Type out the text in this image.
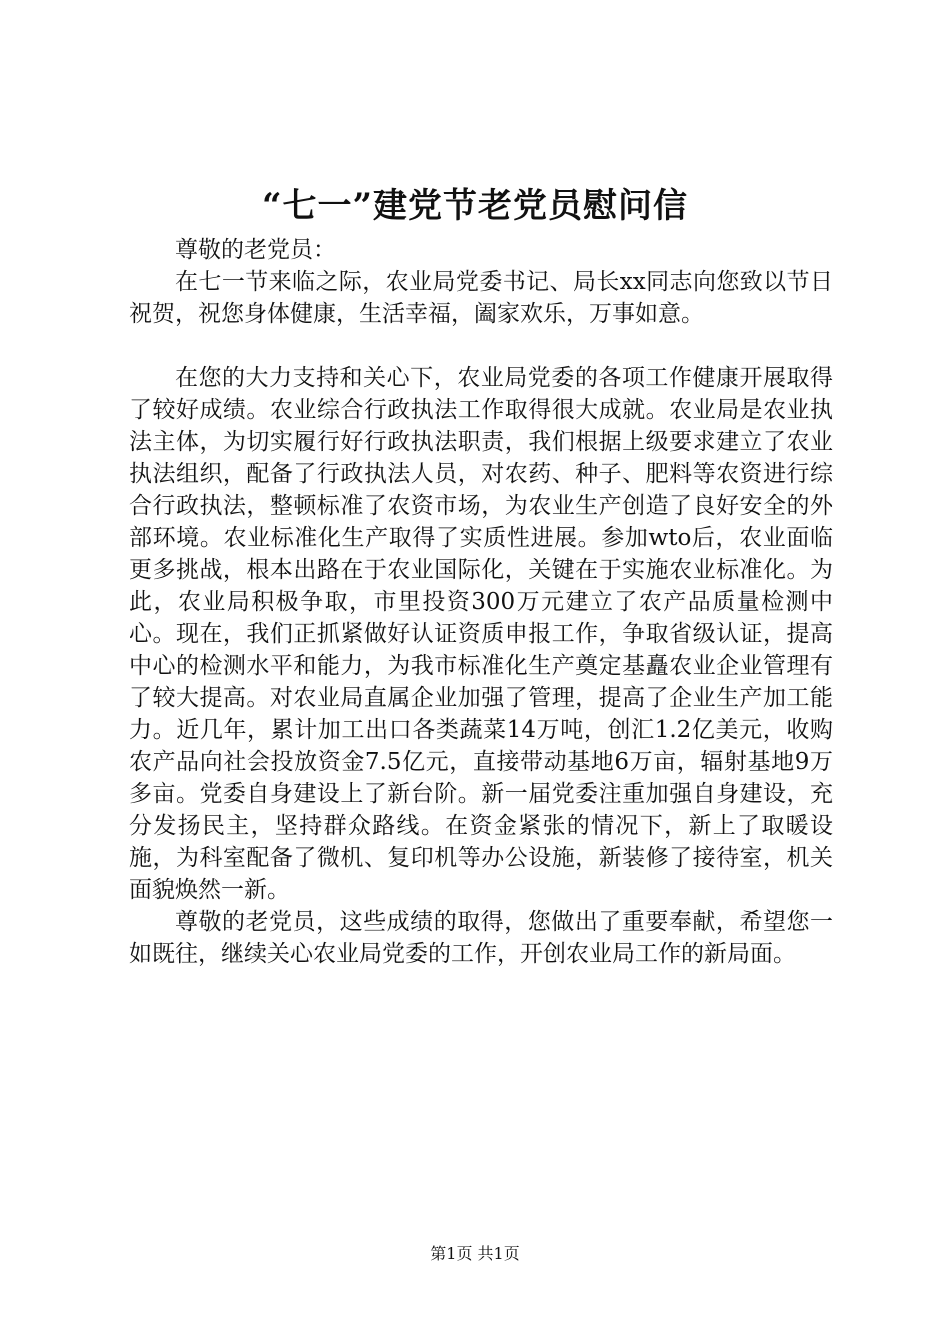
“七一”建党节老党员慰问信

尊敬的老党员：

在七一节来临之际，农业局党委书记、局长xx同志向您致以节日祝贺，祝您身体健康，生活幸福，阖家欢乐，万事如意。

在您的大力支持和关心下，农业局党委的各项工作健康开展取得了较好成绩。农业综合行政执法工作取得很大成就。农业局是农业执法主体，为切实履行好行政执法职责，我们根据上级要求建立了农业执法组织，配备了行政执法人员，对农药、种子、肥料等农资进行综合行政执法，整顿标准了农资市场，为农业生产创造了良好安全的外部环境。农业标准化生产取得了实质性进展。参加wto后，农业面临更多挑战，根本出路在于农业国际化，关键在于实施农业标准化。为此，农业局积极争取，市里投资300万元建立了农产品质量检测中心。现在，我们正抓紧做好认证资质申报工作，争取省级认证，提高中心的检测水平和能力，为我市标准化生产奠定基矗农业企业管理有了较大提高。对农业局直属企业加强了管理，提高了企业生产加工能力。近几年，累计加工出口各类蔬菜14万吨，创汇1.2亿美元，收购农产品向社会投放资金7.5亿元，直接带动基地6万亩，辐射基地9万多亩。党委自身建设上了新台阶。新一届党委注重加强自身建设，充分发扬民主，坚持群众路线。在资金紧张的情况下，新上了取暖设施，为科室配备了微机、复印机等办公设施，新装修了接待室，机关面貌焕然一新。

尊敬的老党员，这些成绩的取得，您做出了重要奉献，希望您一如既往，继续关心农业局党委的工作，开创农业局工作的新局面。

第1页 共1页
